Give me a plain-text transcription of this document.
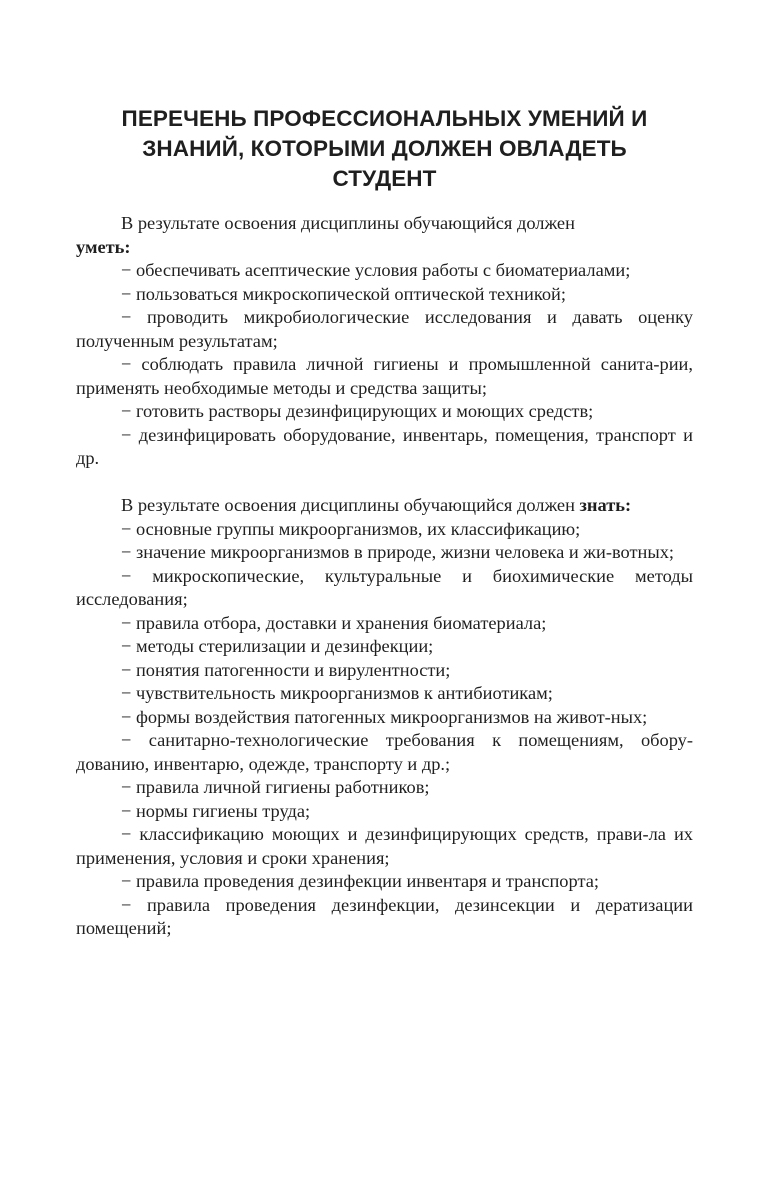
ПЕРЕЧЕНЬ ПРОФЕССИОНАЛЬНЫХ УМЕНИЙ И
ЗНАНИЙ, КОТОРЫМИ ДОЛЖЕН ОВЛАДЕТЬ
СТУДЕНТ

В результате освоения дисциплины обучающийся должен
уметь:

− обеспечивать асептические условия работы с биоматериалами;

− пользоваться микроскопической оптической техникой;

− проводить микробиологические исследования и давать оценку полученным результатам;

− соблюдать правила личной гигиены и промышленной санита-рии, применять необходимые методы и средства защиты;

− готовить растворы дезинфицирующих и моющих средств;

− дезинфицировать оборудование, инвентарь, помещения, транспорт и др.

В результате освоения дисциплины обучающийся должен знать:

− основные группы микроорганизмов, их классификацию;

− значение микроорганизмов в природе, жизни человека и жи-вотных;

− микроскопические, культуральные и биохимические методы исследования;

− правила отбора, доставки и хранения биоматериала;

− методы стерилизации и дезинфекции;

− понятия патогенности и вирулентности;

− чувствительность микроорганизмов к антибиотикам;

− формы воздействия патогенных микроорганизмов на живот-ных;

− санитарно-технологические требования к помещениям, обору-дованию, инвентарю, одежде, транспорту и др.;

− правила личной гигиены работников;

− нормы гигиены труда;

− классификацию моющих и дезинфицирующих средств, прави-ла их применения, условия и сроки хранения;

− правила проведения дезинфекции инвентаря и транспорта;

− правила проведения дезинфекции, дезинсекции и дератизации помещений;
